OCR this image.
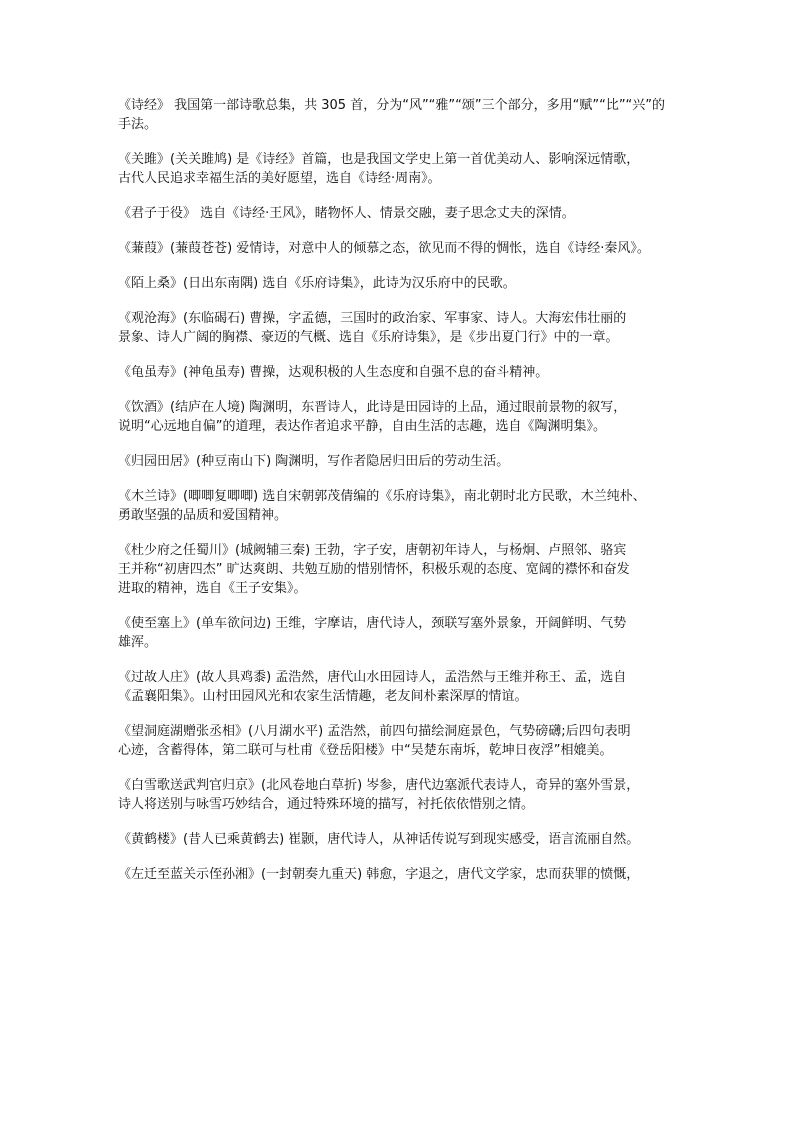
《诗经》 我国第一部诗歌总集，共 305 首，分为“风”“雅”“颂”三个部分，多用“赋”“比”“兴”的
手法。

《关雎》(关关雎鸠) 是《诗经》首篇，也是我国文学史上第一首优美动人、影响深远情歌，
古代人民追求幸福生活的美好愿望，选自《诗经·周南》。

《君子于役》 选自《诗经·王风》，睹物怀人、情景交融，妻子思念丈夫的深情。

《蒹葭》(蒹葭苍苍) 爱情诗，对意中人的倾慕之态，欲见而不得的惆怅，选自《诗经·秦风》。

《陌上桑》(日出东南隅) 选自《乐府诗集》，此诗为汉乐府中的民歌。

《观沧海》(东临碣石) 曹操，字孟德，三国时的政治家、军事家、诗人。大海宏伟壮丽的
景象、诗人广阔的胸襟、豪迈的气概、选自《乐府诗集》，是《步出夏门行》中的一章。

《龟虽寿》(神龟虽寿) 曹操，达观积极的人生态度和自强不息的奋斗精神。

《饮酒》(结庐在人境) 陶渊明，东晋诗人，此诗是田园诗的上品，通过眼前景物的叙写，
说明“心远地自偏”的道理，表达作者追求平静，自由生活的志趣，选自《陶渊明集》。

《归园田居》(种豆南山下) 陶渊明，写作者隐居归田后的劳动生活。

《木兰诗》(唧唧复唧唧) 选自宋朝郭茂倩编的《乐府诗集》，南北朝时北方民歌，木兰纯朴、
勇敢坚强的品质和爱国精神。

《杜少府之任蜀川》(城阙辅三秦) 王勃，字子安，唐朝初年诗人，与杨炯、卢照邻、骆宾
王并称“初唐四杰” 旷达爽朗、共勉互励的惜别情怀，积极乐观的态度、宽阔的襟怀和奋发
进取的精神，选自《王子安集》。

《使至塞上》(单车欲问边) 王维，字摩诘，唐代诗人，颈联写塞外景象，开阔鲜明、气势
雄浑。

《过故人庄》(故人具鸡黍) 孟浩然，唐代山水田园诗人，孟浩然与王维并称王、孟，选自
《孟襄阳集》。山村田园风光和农家生活情趣，老友间朴素深厚的情谊。

《望洞庭湖赠张丞相》(八月湖水平) 孟浩然，前四句描绘洞庭景色，气势磅礴;后四句表明
心迹，含蓄得体，第二联可与杜甫《登岳阳楼》中“吴楚东南坼，乾坤日夜浮”相媲美。

《白雪歌送武判官归京》(北风卷地白草折) 岑参，唐代边塞派代表诗人，奇异的塞外雪景，
诗人将送别与咏雪巧妙结合，通过特殊环境的描写，衬托依依惜别之情。

《黄鹤楼》(昔人已乘黄鹤去) 崔颢，唐代诗人，从神话传说写到现实感受，语言流丽自然。

《左迁至蓝关示侄孙湘》(一封朝奏九重天) 韩愈，字退之，唐代文学家，忠而获罪的愤慨，
